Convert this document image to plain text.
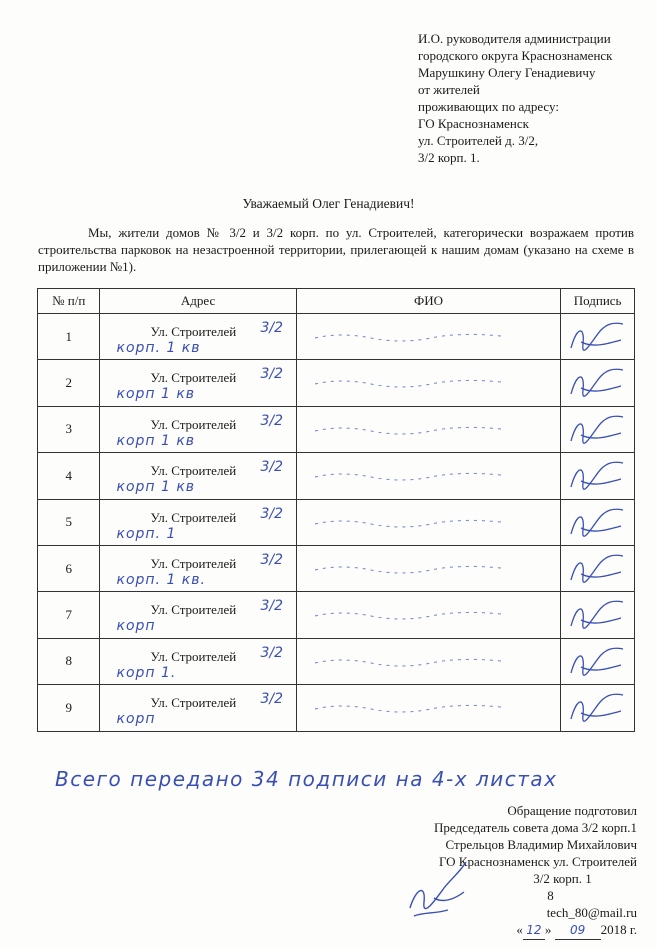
И.О. руководителя администрации
городского округа Краснознаменск
Марушкину Олегу Генадиевичу
от жителей
проживающих по адресу:
ГО Краснознаменск
ул. Строителей д. 3/2,
3/2 корп. 1.
Уважаемый Олег Генадиевич!
Мы, жители домов № 3/2 и 3/2 корп. по ул. Строителей, категорически возражаем против строительства парковок на незастроенной территории, прилегающей к нашим домам (указано на схеме в приложении №1).
№ п/п	Адрес	ФИО	Подпись
1	Ул. Строителей 3/2
корп. 1 кв

2	Ул. Строителей 3/2
корп 1 кв

3	Ул. Строителей 3/2
корп 1 кв

4	Ул. Строителей 3/2
корп 1 кв

5	Ул. Строителей 3/2
корп. 1

6	Ул. Строителей 3/2
корп. 1 кв.

7	Ул. Строителей 3/2
корп

8	Ул. Строителей 3/2
корп 1.

9	Ул. Строителей 3/2
корп

Всего передано 34 подписи на 4-х листах
Обращение подготовил
Председатель совета дома 3/2 корп.1
Стрельцов Владимир Михайлович
ГО Краснознаменск ул. Строителей
3/2 корп. 1
8
tech_80@mail.ru
« 12 » 09 2018 г.
